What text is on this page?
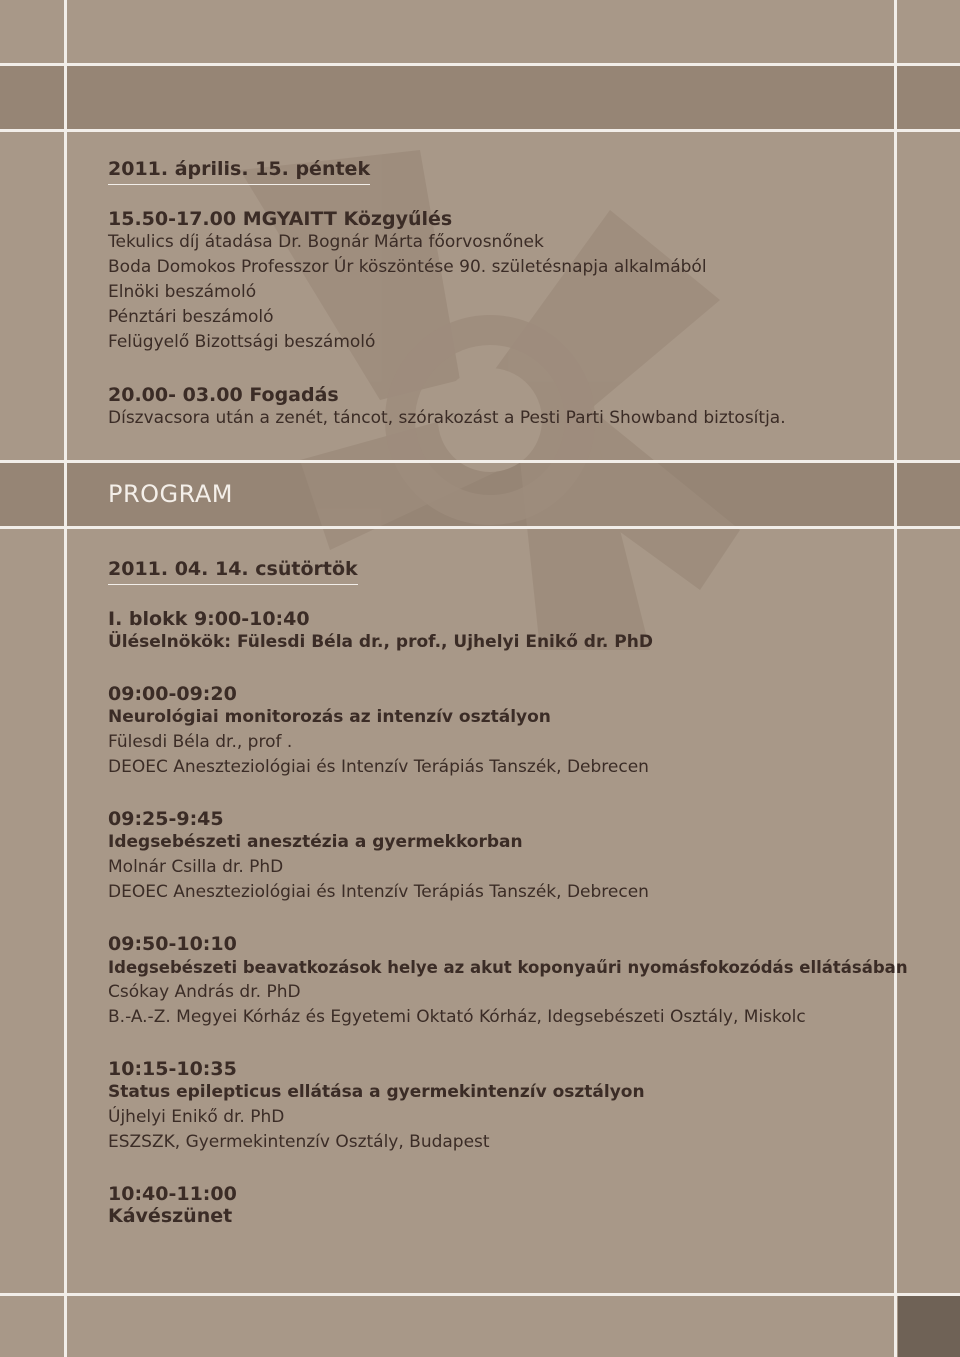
PROGRAM
2011. április. 15. péntek
15.50-17.00 MGYAITT Közgyűlés
Tekulics díj átadása Dr. Bognár Márta főorvosnőnek
Boda Domokos Professzor Úr köszöntése 90. születésnapja alkalmából
Elnöki beszámoló
Pénztári beszámoló
Felügyelő Bizottsági beszámoló
20.00- 03.00 Fogadás
Díszvacsora után a zenét, táncot, szórakozást a Pesti Parti Showband biztosítja.
2011. 04. 14. csütörtök
I. blokk 9:00-10:40
Üléselnökök: Fülesdi Béla dr., prof., Ujhelyi Enikő dr. PhD
09:00-09:20
Neurológiai monitorozás az intenzív osztályon
Fülesdi Béla dr., prof .
DEOEC Aneszteziológiai és Intenzív Terápiás Tanszék, Debrecen
09:25-9:45
Idegsebészeti anesztézia a gyermekkorban
Molnár Csilla dr. PhD
DEOEC Aneszteziológiai és Intenzív Terápiás Tanszék, Debrecen
09:50-10:10
Idegsebészeti beavatkozások helye az akut koponyaűri nyomásfokozódás ellátásában
Csókay András dr. PhD
B.-A.-Z. Megyei Kórház és Egyetemi Oktató Kórház, Idegsebészeti Osztály, Miskolc
10:15-10:35
Status epilepticus ellátása a gyermekintenzív osztályon
Újhelyi Enikő dr. PhD
ESZSZK, Gyermekintenzív Osztály, Budapest
10:40-11:00
Kávészünet
